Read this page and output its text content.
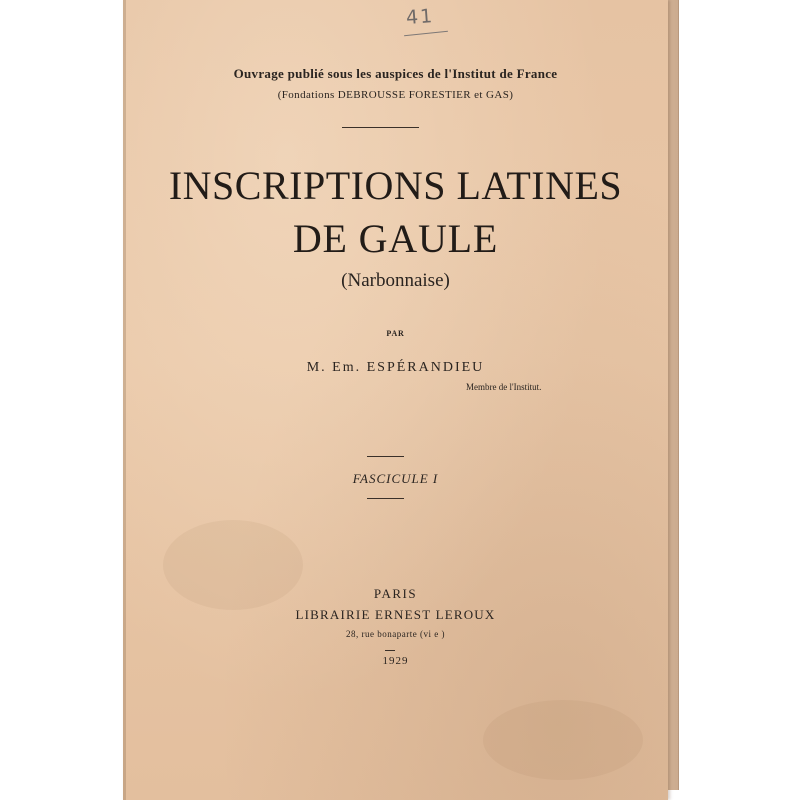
41
Ouvrage publié sous les auspices de l'Institut de France
(Fondations DEBROUSSE FORESTIER et GAS)
INSCRIPTIONS LATINES
DE GAULE
(Narbonnaise)
PAR
M. Em. ESPÉRANDIEU
Membre de l'Institut.
FASCICULE I
PARIS
LIBRAIRIE ERNEST LEROUX
28, rue bonaparte (vi e )
1929
